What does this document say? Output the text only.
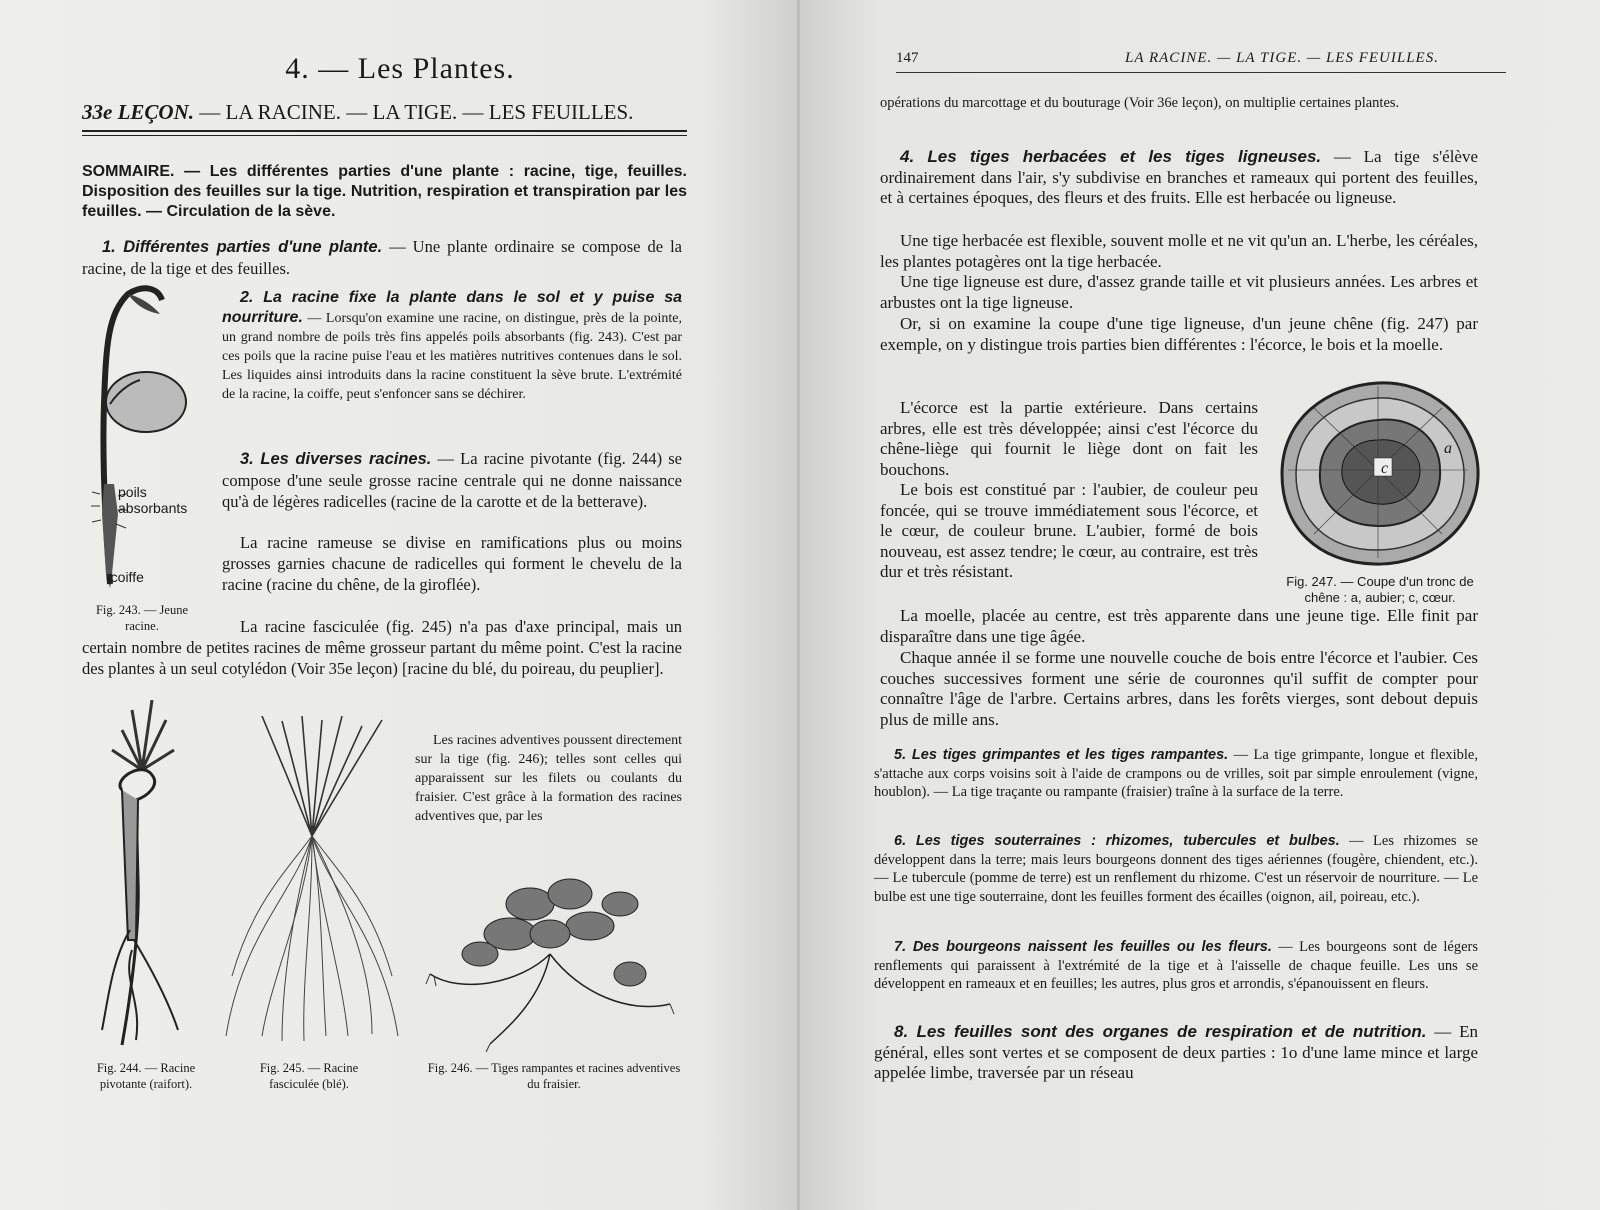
4. — Les Plantes.
33e LEÇON. — LA RACINE. — LA TIGE. — LES FEUILLES.
SOMMAIRE. — Les différentes parties d'une plante : racine, tige, feuilles. Disposition des feuilles sur la tige. Nutrition, respiration et transpiration par les feuilles. — Circulation de la sève.
1. Différentes parties d'une plante. — Une plante ordinaire se compose de la racine, de la tige et des feuilles.
poils
absorbants
-coiffe
Fig. 243. — Jeune racine.
2. La racine fixe la plante dans le sol et y puise sa nourriture. — Lorsqu'on examine une racine, on distingue, près de la pointe, un grand nombre de poils très fins appelés poils absorbants (fig. 243). C'est par ces poils que la racine puise l'eau et les matières nutritives contenues dans le sol. Les liquides ainsi introduits dans la racine constituent la sève brute. L'extrémité de la racine, la coiffe, peut s'enfoncer sans se déchirer.
3. Les diverses racines. — La racine pivotante (fig. 244) se compose d'une seule grosse racine centrale qui ne donne naissance qu'à de légères radicelles (racine de la carotte et de la betterave).
La racine rameuse se divise en ramifications plus ou moins grosses garnies chacune de radicelles qui forment le chevelu de la racine (racine du chêne, de la giroflée).
La racine fasciculée (fig. 245) n'a pas d'axe principal, mais un certain nombre de petites racines de même grosseur partant du même point. C'est la racine des plantes à un seul cotylédon (Voir 35e leçon) [racine du blé, du poireau, du peuplier].
Les racines adventives poussent directement sur la tige (fig. 246); telles sont celles qui apparaissent sur les filets ou coulants du fraisier. C'est grâce à la formation des racines adventives que, par les
Fig. 244. — Racine pivotante (raifort).
Fig. 245. — Racine fasciculée (blé).
Fig. 246. — Tiges rampantes et racines adventives du fraisier.
147	LA RACINE. — LA TIGE. — LES FEUILLES.
opérations du marcottage et du bouturage (Voir 36e leçon), on multiplie certaines plantes.
4. Les tiges herbacées et les tiges ligneuses. — La tige s'élève ordinairement dans l'air, s'y subdivise en branches et rameaux qui portent des feuilles, et à certaines époques, des fleurs et des fruits. Elle est herbacée ou ligneuse.
Une tige herbacée est flexible, souvent molle et ne vit qu'un an. L'herbe, les céréales, les plantes potagères ont la tige herbacée.
Une tige ligneuse est dure, d'assez grande taille et vit plusieurs années. Les arbres et arbustes ont la tige ligneuse.
Or, si on examine la coupe d'une tige ligneuse, d'un jeune chêne (fig. 247) par exemple, on y distingue trois parties bien différentes : l'écorce, le bois et la moelle.
L'écorce est la partie extérieure. Dans certains arbres, elle est très développée; ainsi c'est l'écorce du chêne-liège qui fournit le liège dont on fait les bouchons.
Le bois est constitué par : l'aubier, de couleur peu foncée, qui se trouve immédiatement sous l'écorce, et le cœur, de couleur brune. L'aubier, formé de bois nouveau, est assez tendre; le cœur, au contraire, est très dur et très résistant.
La moelle, placée au centre, est très apparente dans une jeune tige. Elle finit par disparaître dans une tige âgée.
Chaque année il se forme une nouvelle couche de bois entre l'écorce et l'aubier. Ces couches successives forment une série de couronnes qu'il suffit de compter pour connaître l'âge de l'arbre. Certains arbres, dans les forêts vierges, sont debout depuis plus de mille ans.
c
a
Fig. 247. — Coupe d'un tronc de chêne : a, aubier; c, cœur.
5. Les tiges grimpantes et les tiges rampantes. — La tige grimpante, longue et flexible, s'attache aux corps voisins soit à l'aide de crampons ou de vrilles, soit par simple enroulement (vigne, houblon). — La tige traçante ou rampante (fraisier) traîne à la surface de la terre.
6. Les tiges souterraines : rhizomes, tubercules et bulbes. — Les rhizomes se développent dans la terre; mais leurs bourgeons donnent des tiges aériennes (fougère, chiendent, etc.). — Le tubercule (pomme de terre) est un renflement du rhizome. C'est un réservoir de nourriture. — Le bulbe est une tige souterraine, dont les feuilles forment des écailles (oignon, ail, poireau, etc.).
7. Des bourgeons naissent les feuilles ou les fleurs. — Les bourgeons sont de légers renflements qui paraissent à l'extrémité de la tige et à l'aisselle de chaque feuille. Les uns se développent en rameaux et en feuilles; les autres, plus gros et arrondis, s'épanouissent en fleurs.
8. Les feuilles sont des organes de respiration et de nutrition. — En général, elles sont vertes et se composent de deux parties : 1o d'une lame mince et large appelée limbe, traversée par un réseau
